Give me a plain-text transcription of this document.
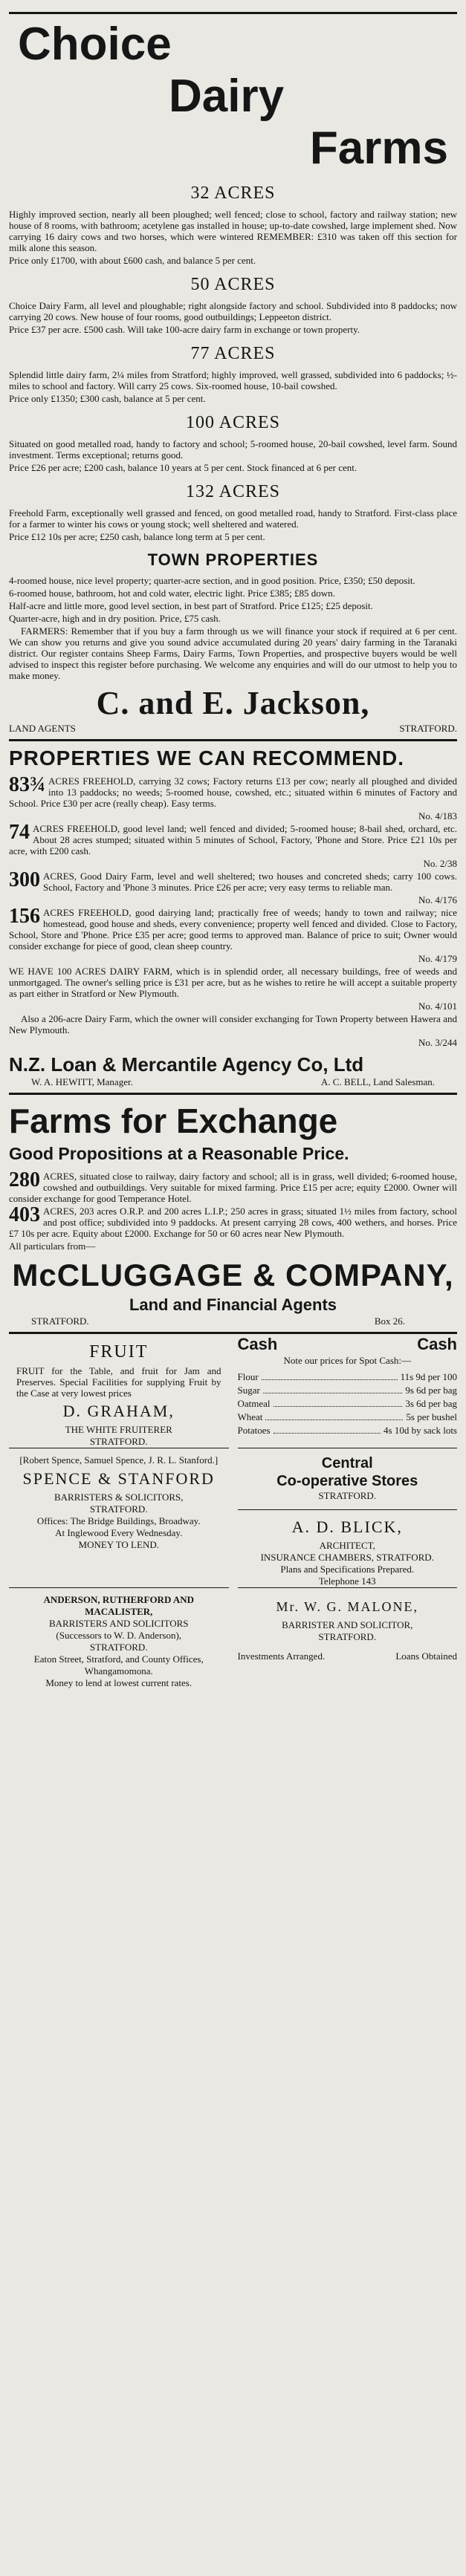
Choice
Dairy
Farms
32 ACRES

Highly improved section, nearly all been ploughed; well fenced; close to school, factory and railway station; new house of 8 rooms, with bathroom; acetylene gas installed in house; up-to-date cowshed, large implement shed. Now carrying 16 dairy cows and two horses, which were wintered REMEMBER: £310 was taken off this section for milk alone this season.

Price only £1700, with about £600 cash, and balance 5 per cent.

50 ACRES

Choice Dairy Farm, all level and ploughable; right alongside factory and school. Subdivided into 8 paddocks; now carrying 20 cows. New house of four rooms, good outbuildings; Leppeeton district.

Price £37 per acre. £500 cash. Will take 100-acre dairy farm in exchange or town property.

77 ACRES

Splendid little dairy farm, 2¼ miles from Stratford; highly improved, well grassed, subdivided into 6 paddocks; ½-miles to school and factory. Will carry 25 cows. Six-roomed house, 10-bail cowshed.

Price only £1350; £300 cash, balance at 5 per cent.

100 ACRES

Situated on good metalled road, handy to factory and school; 5-roomed house, 20-bail cowshed, level farm. Sound investment. Terms exceptional; returns good.

Price £26 per acre; £200 cash, balance 10 years at 5 per cent. Stock financed at 6 per cent.

132 ACRES

Freehold Farm, exceptionally well grassed and fenced, on good metalled road, handy to Stratford. First-class place for a farmer to winter his cows or young stock; well sheltered and watered.

Price £12 10s per acre; £250 cash, balance long term at 5 per cent.

TOWN PROPERTIES

4-roomed house, nice level property; quarter-acre section, and in good position. Price, £350; £50 deposit.

6-roomed house, bathroom, hot and cold water, electric light. Price £385; £85 down.

Half-acre and little more, good level section, in best part of Stratford. Price £125; £25 deposit.

Quarter-acre, high and in dry position. Price, £75 cash.

FARMERS: Remember that if you buy a farm through us we will finance your stock if required at 6 per cent. We can show you returns and give you sound advice accumulated during 20 years' dairy farming in the Taranaki district. Our register contains Sheep Farms, Dairy Farms, Town Properties, and prospective buyers would be well advised to inspect this register before purchasing. We welcome any enquiries and will do our utmost to help you to make money.

C. and E. Jackson,
LAND AGENTS	STRATFORD.
PROPERTIES WE CAN RECOMMEND.
83¾ ACRES FREEHOLD, carrying 32 cows; Factory returns £13 per cow; nearly all ploughed and divided into 13 paddocks; no weeds; 5-roomed house, cowshed, etc.; situated within 6 minutes of Factory and School. Price £30 per acre (really cheap). Easy terms.
No. 4/183
74 ACRES FREEHOLD, good level land; well fenced and divided; 5-roomed house; 8-bail shed, orchard, etc. About 28 acres stumped; situated within 5 minutes of School, Factory, 'Phone and Store. Price £21 10s per acre, with £200 cash.
No. 2/38
300 ACRES, Good Dairy Farm, level and well sheltered; two houses and concreted sheds; carry 100 cows. School, Factory and 'Phone 3 minutes. Price £26 per acre; very easy terms to reliable man.
No. 4/176
156 ACRES FREEHOLD, good dairying land; practically free of weeds; handy to town and railway; nice homestead, good house and sheds, every convenience; property well fenced and divided. Close to Factory, School, Store and 'Phone. Price £35 per acre; good terms to approved man. Balance of price to suit; Owner would consider exchange for piece of good, clean sheep country.
No. 4/179
WE HAVE 100 ACRES DAIRY FARM, which is in splendid order, all necessary buildings, free of weeds and unmortgaged. The owner's selling price is £31 per acre, but as he wishes to retire he will accept a suitable property as part either in Stratford or New Plymouth.
No. 4/101
Also a 206-acre Dairy Farm, which the owner will consider exchanging for Town Property between Hawera and New Plymouth.
No. 3/244
N.Z. Loan & Mercantile Agency Co, Ltd
W. A. HEWITT, Manager.	A. C. BELL, Land Salesman.
Farms for Exchange
Good Propositions at a Reasonable Price.
280 ACRES, situated close to railway, dairy factory and school; all is in grass, well divided; 6-roomed house, cowshed and outbuildings. Very suitable for mixed farming. Price £15 per acre; equity £2000. Owner will consider exchange for good Temperance Hotel.
403 ACRES, 203 acres O.R.P. and 200 acres L.I.P.; 250 acres in grass; situated 1½ miles from factory, school and post office; subdivided into 9 paddocks. At present carrying 28 cows, 400 wethers, and horses. Price £7 10s per acre. Equity about £2000. Exchange for 50 or 60 acres near New Plymouth.
All particulars from—
McCLUGGAGE & COMPANY,
Land and Financial Agents
STRATFORD.	Box 26.
FRUIT

FRUIT for the Table, and fruit for Jam and Preserves. Special Facilities for supplying Fruit by the Case at very lowest prices

D. GRAHAM,
THE WHITE FRUITERER
STRATFORD.
Cash	Cash
Note our prices for Spot Cash:—
Flour	11s 9d per 100
Sugar	9s 6d per bag
Oatmeal	3s 6d per bag
Wheat	5s per bushel
Potatoes	4s 10d by sack lots
[Robert Spence, Samuel Spence, J. R. L. Stanford.]
SPENCE & STANFORD
BARRISTERS & SOLICITORS,
STRATFORD.
Offices: The Bridge Buildings, Broadway.
At Inglewood Every Wednesday.
MONEY TO LEND.
Central
Co-operative Stores
STRATFORD.
A. D. BLICK,
ARCHITECT,
INSURANCE CHAMBERS, STRATFORD.
Plans and Specifications Prepared.
Telephone 143
ANDERSON, RUTHERFORD AND MACALISTER,
BARRISTERS AND SOLICITORS
(Successors to W. D. Anderson),
STRATFORD.
Eaton Street, Stratford, and County Offices, Whangamomona.
Money to lend at lowest current rates.
Mr. W. G. MALONE,
BARRISTER AND SOLICITOR,
STRATFORD.
Investments Arranged.	Loans Obtained
